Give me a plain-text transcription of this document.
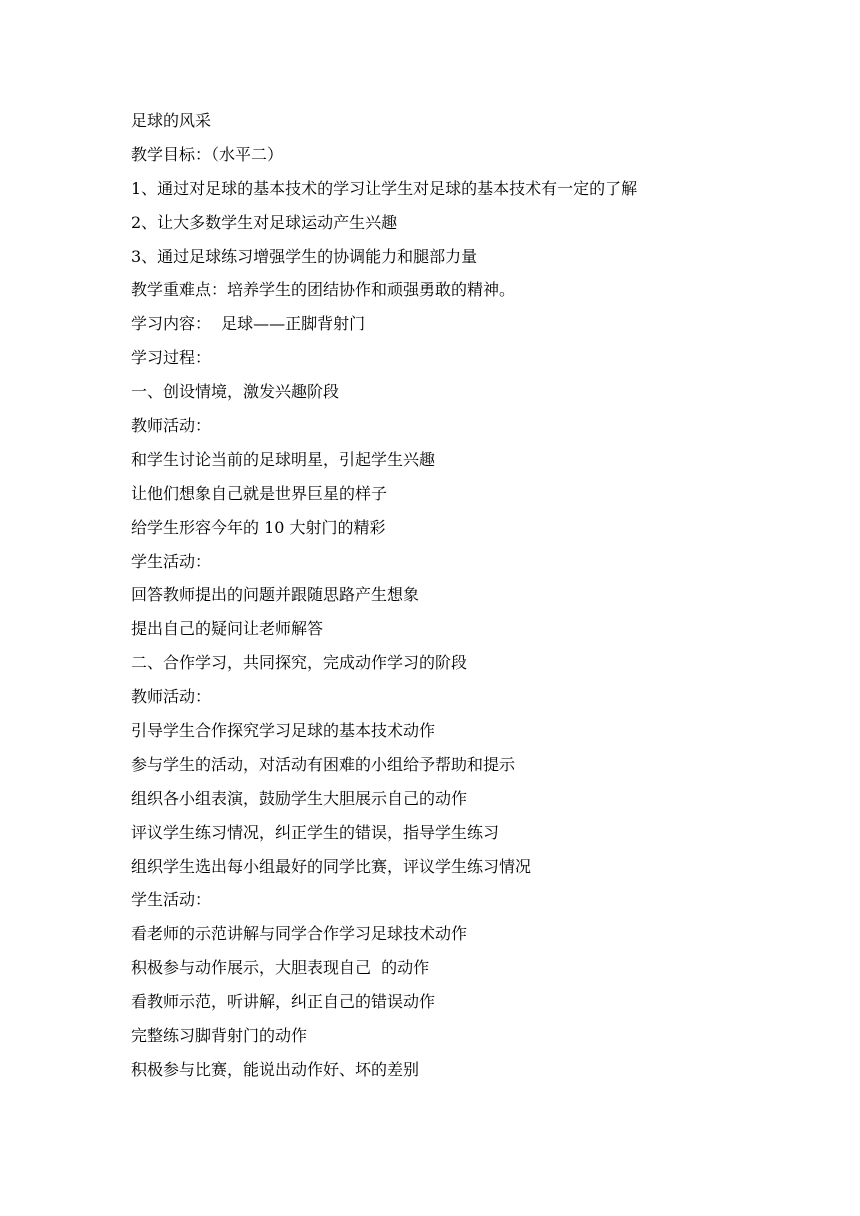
足球的风采
教学目标：（水平二）
1、通过对足球的基本技术的学习让学生对足球的基本技术有一定的了解
2、让大多数学生对足球运动产生兴趣
3、通过足球练习增强学生的协调能力和腿部力量
教学重难点：培养学生的团结协作和顽强勇敢的精神。
学习内容：  足球——正脚背射门
学习过程：
一、创设情境，激发兴趣阶段
教师活动：
和学生讨论当前的足球明星，引起学生兴趣
让他们想象自己就是世界巨星的样子
给学生形容今年的 10 大射门的精彩
学生活动：
回答教师提出的问题并跟随思路产生想象
提出自己的疑问让老师解答
二、合作学习，共同探究，完成动作学习的阶段
教师活动：
引导学生合作探究学习足球的基本技术动作
参与学生的活动，对活动有困难的小组给予帮助和提示
组织各小组表演，鼓励学生大胆展示自己的动作
评议学生练习情况，纠正学生的错误，指导学生练习
组织学生选出每小组最好的同学比赛，评议学生练习情况
学生活动：
看老师的示范讲解与同学合作学习足球技术动作
积极参与动作展示，大胆表现自己  的动作
看教师示范，听讲解，纠正自己的错误动作
完整练习脚背射门的动作
积极参与比赛，能说出动作好、坏的差别
